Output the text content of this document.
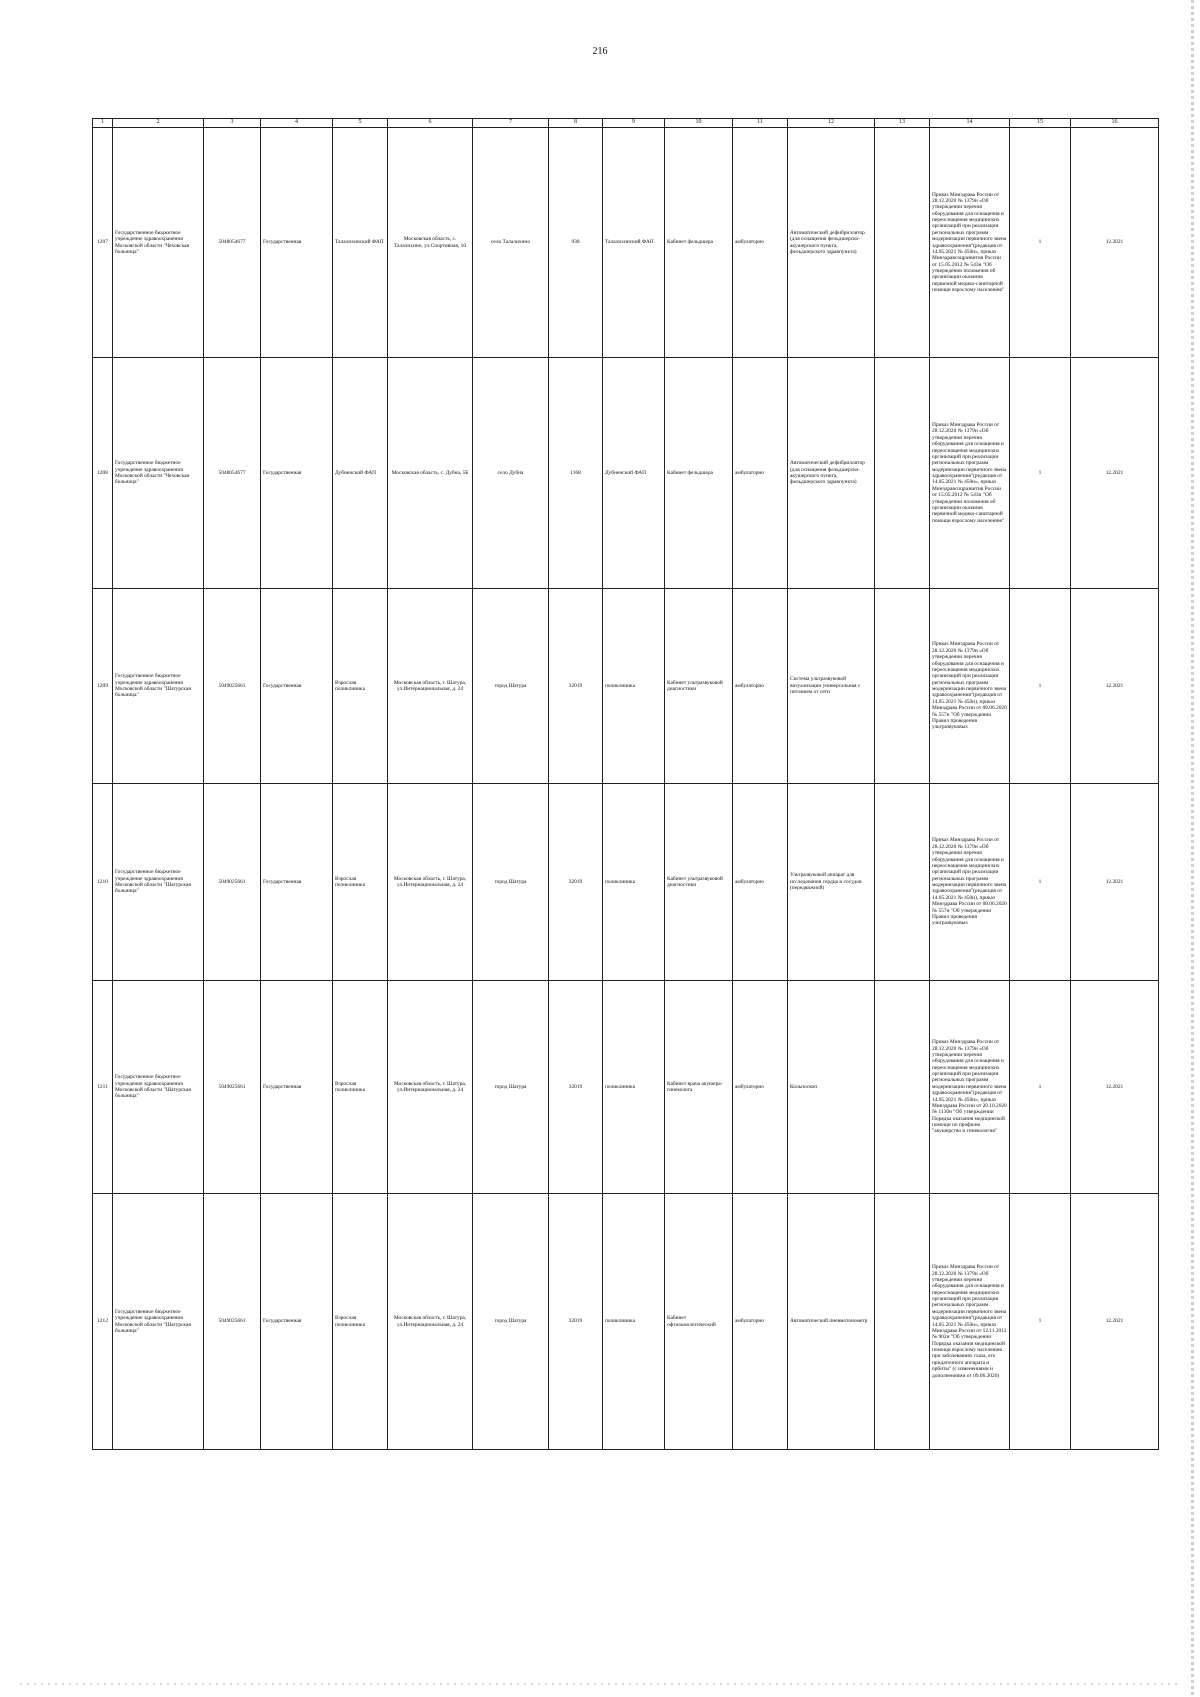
216
1	2	3	4	5	6	7	8	9	10	11	12	13	14	15	16
1207	Государственное бюджетное учреждение здравоохранения Московской области "Чеховская больница"	5048054677	Государственная	Талалихинский ФАП	Московская область, с. Талалихино, ул.Спортивная, 10	село Талалихино	938	Талалихинский ФАП	Кабинет фельдшера	амбулаторно	Автоматический дефибриллятор (для оснащения фельдшерско-акушерского пункта, фельдшерского здравпункта)		Приказ Минздрава России от 28.12.2020 № 1379н «Об утверждении перечня оборудования для оснащения и переоснащения медицинских организаций при реализации региональных программ модернизации первичного звена здравоохранения"(редакция от 14.05.2021 № 450н», приказ Минздравсоцразвития России от 15.05.2012 № 543н "Об утверждении положения об организации оказания первичной медико-санитарной помощи взрослому населению"	1	12.2021
1208	Государственное бюджетное учреждение здравоохранения Московской области "Чеховская больница"	5048054677	Государственная	Дубненский ФАП	Московская область, с. Дубна, 5Б	село Дубна	1168	Дубненский ФАП	Кабинет фельдшера	амбулаторно	Автоматический дефибриллятор (для оснащения фельдшерско-акушерского пункта, фельдшерского здравпункта)		Приказ Минздрава России от 28.12.2020 № 1379н «Об утверждении перечня оборудования для оснащения и переоснащения медицинских организаций при реализации региональных программ модернизации первичного звена здравоохранения"(редакция от 14.05.2021 № 450н», приказ Минздравсоцразвития России от 15.05.2012 № 543н "Об утверждении положения об организации оказания первичной медико-санитарной помощи взрослому населению"	1	12.2021
1209	Государственное бюджетное учреждение здравоохранения Московской области "Шатурская больница"	5049025661	Государственная	Взрослая поликлиника	Московская область, г. Шатура, ул.Интернациональная, д. 24	город Шатура	32019	поликлиника	Кабинет ультразвуковой диагностики	амбулаторно	Система ультразвуковой визуализации универсальная с питанием от сети		Приказ Минздрава России от 28.12.2020 № 1379н «Об утверждении перечня оборудования для оснащения и переоснащения медицинских организаций при реализации региональных программ модернизации первичного звена здравоохранения"(редакция от 14.05.2021 № 450н), приказ Минздрава России от 08.06.2020 № 557н "Об утверждении Правил проведения ультразвуковых	1	12.2021
1210	Государственное бюджетное учреждение здравоохранения Московской области "Шатурская больница"	5049025661	Государственная	Взрослая поликлиника	Московская область, г. Шатура, ул.Интернациональная, д. 24	город Шатура	32019	поликлиника	Кабинет ультразвуковой диагностики	амбулаторно	Ультразвуковой аппарат для исследования сердца и сосудов (передвижной)		Приказ Минздрава России от 28.12.2020 № 1379н «Об утверждении перечня оборудования для оснащения и переоснащения медицинских организаций при реализации региональных программ модернизации первичного звена здравоохранения"(редакция от 14.05.2021 № 450н), приказ Минздрава России от 08.06.2020 № 557н "Об утверждении Правил проведения ультразвуковых	1	12.2021
1211	Государственное бюджетное учреждение здравоохранения Московской области "Шатурская больница"	5049025661	Государственная	Взрослая поликлиника	Московская область, г. Шатура, ул.Интернациональная, д. 24	город Шатура	32019	поликлиника	Кабинет врача акушера-гинеколога	амбулаторно	Кольпоскоп		Приказ Минздрава России от 28.12.2020 № 1379н «Об утверждении перечня оборудования для оснащения и переоснащения медицинских организаций при реализации региональных программ модернизации первичного звена здравоохранения"(редакция от 14.05.2021 № 450н», приказ Минздрава России от 20.10.2020 № 1130н "Об утверждении Порядка оказания медицинской помощи по профилю "акушерство и гинекология"	1	12.2021
1212	Государственное бюджетное учреждение здравоохранения Московской области "Шатурская больница"	5049025661	Государственная	Взрослая поликлиника	Московская область, г. Шатура, ул.Интернациональная, д. 24	город Шатура	32019	поликлиника	Кабинет офтальмологический	амбулаторно	Автоматический пневмотонометр		Приказ Минздрава России от 28.12.2020 № 1379н «Об утверждении перечня оборудования для оснащения и переоснащения медицинских организаций при реализации региональных программ модернизации первичного звена здравоохранения"(редакция от 14.05.2021 № 450н», приказ Минздрава России от 12.11.2012 № 902н "Об утверждении Порядка оказания медицинской помощи взрослому населению при заболеваниях глаза, его придаточного аппарата и орбиты" (с изменениями и дополнениями от 09.06.2020)	1	12.2021
